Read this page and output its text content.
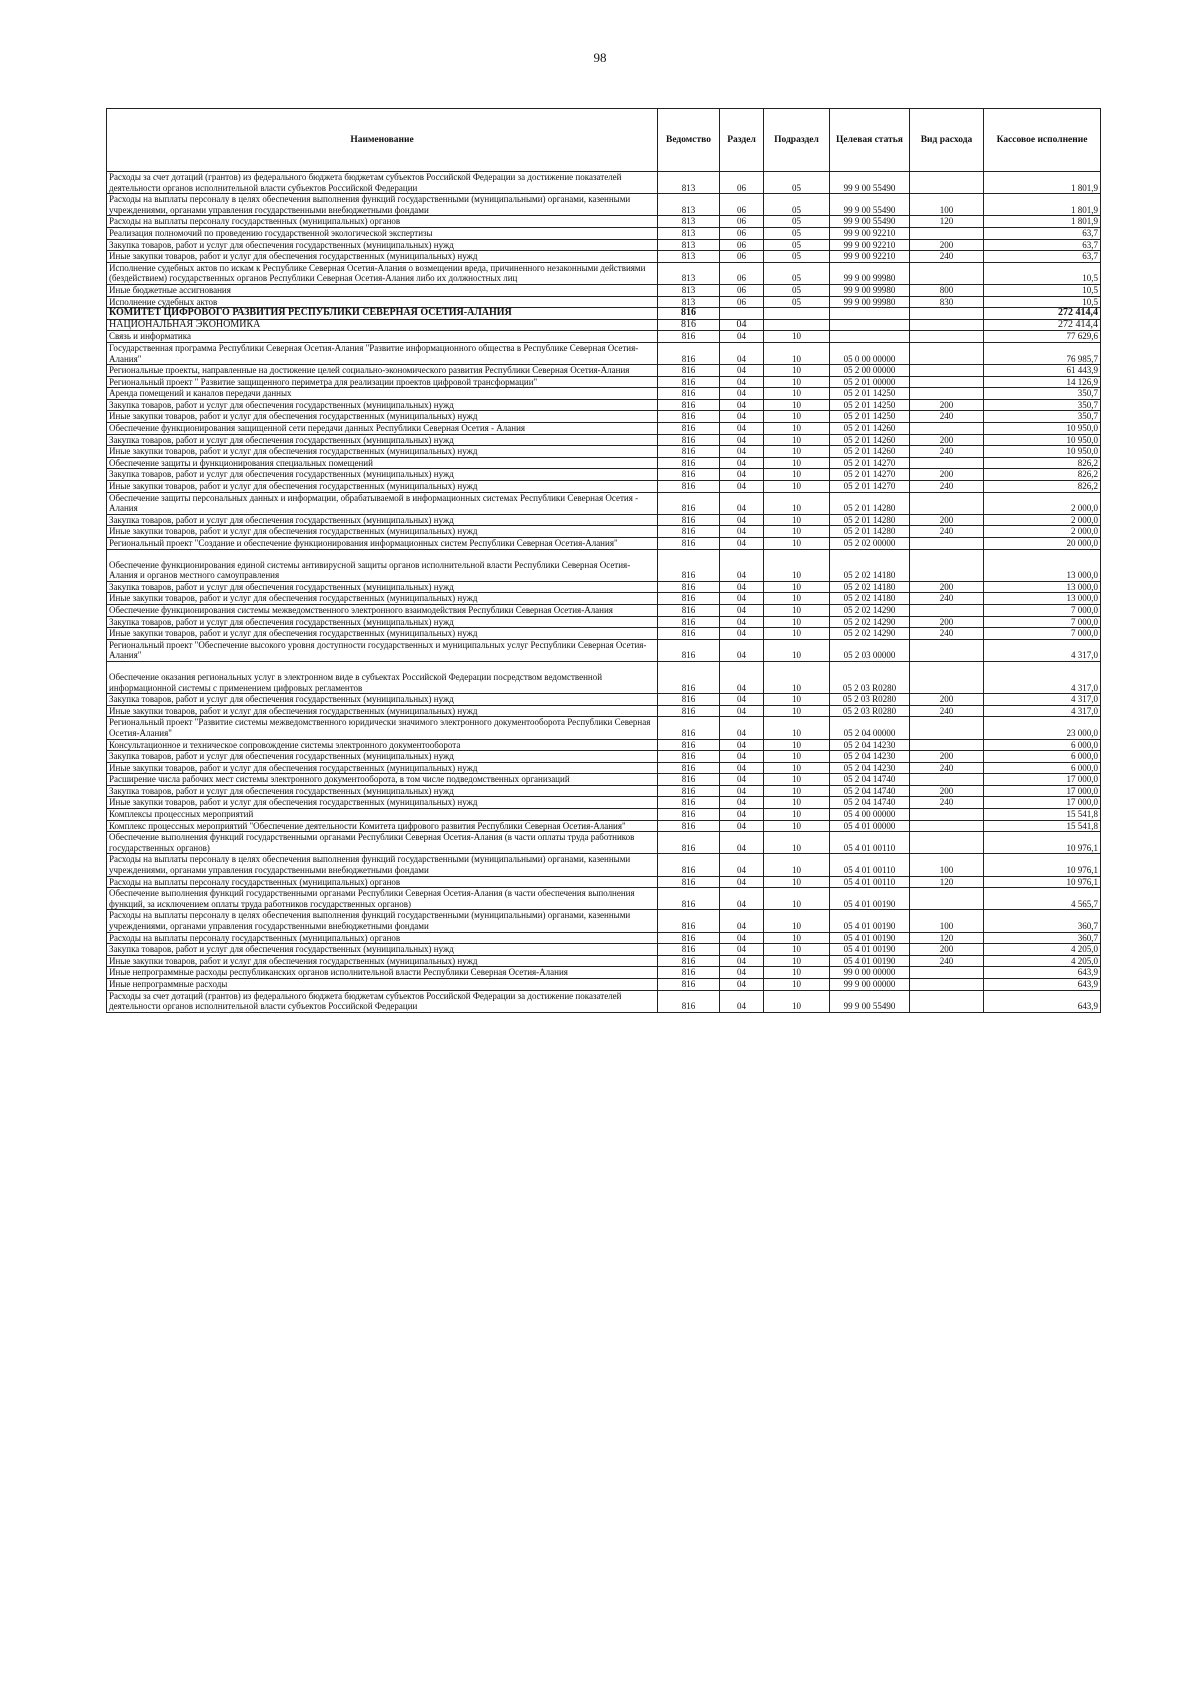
98
Наименование	Ведомство	Раздел	Подраздел	Целевая статья	Вид расхода	Кассовое исполнение
Расходы за счет дотаций (грантов) из федерального бюджета бюджетам субъектов Российской Федерации за достижение показателей деятельности органов исполнительной власти субъектов Российской Федерации	813	06	05	99 9 00 55490		1 801,9
Расходы на выплаты персоналу в целях обеспечения выполнения функций государственными (муниципальными) органами, казенными учреждениями, органами управления государственными внебюджетными фондами	813	06	05	99 9 00 55490	100	1 801,9
Расходы на выплаты персоналу государственных (муниципальных) органов	813	06	05	99 9 00 55490	120	1 801,9
Реализация полномочий по проведению государственной экологической экспертизы	813	06	05	99 9 00 92210		63,7
Закупка товаров, работ и услуг для обеспечения государственных (муниципальных) нужд	813	06	05	99 9 00 92210	200	63,7
Иные закупки товаров, работ и услуг для обеспечения государственных (муниципальных) нужд	813	06	05	99 9 00 92210	240	63,7
Исполнение судебных актов по искам к Республике Северная Осетия-Алания о возмещении вреда, причиненного незаконными действиями (бездействием) государственных органов Республики Северная Осетия-Алания либо их должностных лиц	813	06	05	99 9 00 99980		10,5
Иные бюджетные ассигнования	813	06	05	99 9 00 99980	800	10,5
Исполнение судебных актов	813	06	05	99 9 00 99980	830	10,5
КОМИТЕТ ЦИФРОВОГО РАЗВИТИЯ РЕСПУБЛИКИ СЕВЕРНАЯ ОСЕТИЯ-АЛАНИЯ	816					272 414,4
НАЦИОНАЛЬНАЯ ЭКОНОМИКА	816	04				272 414,4
Связь и информатика	816	04	10			77 629,6
Государственная программа Республики Северная Осетия-Алания "Развитие информационного общества в Республике Северная Осетия-Алания"	816	04	10	05 0 00 00000		76 985,7
Региональные проекты, направленные на достижение целей социально-экономического развития Республики Северная Осетия-Алания	816	04	10	05 2 00 00000		61 443,9
Региональный проект " Развитие защищенного периметра для реализации проектов цифровой трансформации"	816	04	10	05 2 01 00000		14 126,9
Аренда помещений и каналов передачи данных	816	04	10	05 2 01 14250		350,7
Закупка товаров, работ и услуг для обеспечения государственных (муниципальных) нужд	816	04	10	05 2 01 14250	200	350,7
Иные закупки товаров, работ и услуг для обеспечения государственных (муниципальных) нужд	816	04	10	05 2 01 14250	240	350,7
Обеспечение функционирования защищенной сети передачи данных Республики Северная Осетия - Алания	816	04	10	05 2 01 14260		10 950,0
Закупка товаров, работ и услуг для обеспечения государственных (муниципальных) нужд	816	04	10	05 2 01 14260	200	10 950,0
Иные закупки товаров, работ и услуг для обеспечения государственных (муниципальных) нужд	816	04	10	05 2 01 14260	240	10 950,0
Обеспечение защиты и функционирования специальных помещений	816	04	10	05 2 01 14270		826,2
Закупка товаров, работ и услуг для обеспечения государственных (муниципальных) нужд	816	04	10	05 2 01 14270	200	826,2
Иные закупки товаров, работ и услуг для обеспечения государственных (муниципальных) нужд	816	04	10	05 2 01 14270	240	826,2
Обеспечение защиты персональных данных и информации, обрабатываемой в информационных системах Республики Северная Осетия - Алания	816	04	10	05 2 01 14280		2 000,0
Закупка товаров, работ и услуг для обеспечения государственных (муниципальных) нужд	816	04	10	05 2 01 14280	200	2 000,0
Иные закупки товаров, работ и услуг для обеспечения государственных (муниципальных) нужд	816	04	10	05 2 01 14280	240	2 000,0
Региональный проект "Создание и обеспечение функционирования информационных систем Республики Северная Осетия-Алания"	816	04	10	05 2 02 00000		20 000,0
Обеспечение функционирования единой системы антивирусной защиты органов исполнительной власти Республики Северная Осетия-Алания и органов местного самоуправления	816	04	10	05 2 02 14180		13 000,0
Закупка товаров, работ и услуг для обеспечения государственных (муниципальных) нужд	816	04	10	05 2 02 14180	200	13 000,0
Иные закупки товаров, работ и услуг для обеспечения государственных (муниципальных) нужд	816	04	10	05 2 02 14180	240	13 000,0
Обеспечение функционирования системы межведомственного электронного взаимодействия Республики Северная Осетия-Алания	816	04	10	05 2 02 14290		7 000,0
Закупка товаров, работ и услуг для обеспечения государственных (муниципальных) нужд	816	04	10	05 2 02 14290	200	7 000,0
Иные закупки товаров, работ и услуг для обеспечения государственных (муниципальных) нужд	816	04	10	05 2 02 14290	240	7 000,0
Региональный проект "Обеспечение высокого уровня доступности государственных и муниципальных услуг Республики Северная Осетия-Алания"	816	04	10	05 2 03 00000		4 317,0
Обеспечение оказания региональных услуг в электронном виде в субъектах Российской Федерации посредством ведомственной информационной системы с применением цифровых регламентов	816	04	10	05 2 03 R0280		4 317,0
Закупка товаров, работ и услуг для обеспечения государственных (муниципальных) нужд	816	04	10	05 2 03 R0280	200	4 317,0
Иные закупки товаров, работ и услуг для обеспечения государственных (муниципальных) нужд	816	04	10	05 2 03 R0280	240	4 317,0
Региональный проект "Развитие системы межведомственного юридически значимого электронного документооборота Республики Северная Осетия-Алания"	816	04	10	05 2 04 00000		23 000,0
Консультационное и техническое сопровождение системы электронного документооборота	816	04	10	05 2 04 14230		6 000,0
Закупка товаров, работ и услуг для обеспечения государственных (муниципальных) нужд	816	04	10	05 2 04 14230	200	6 000,0
Иные закупки товаров, работ и услуг для обеспечения государственных (муниципальных) нужд	816	04	10	05 2 04 14230	240	6 000,0
Расширение числа рабочих мест системы электронного документооборота, в том числе подведомственных организаций	816	04	10	05 2 04 14740		17 000,0
Закупка товаров, работ и услуг для обеспечения государственных (муниципальных) нужд	816	04	10	05 2 04 14740	200	17 000,0
Иные закупки товаров, работ и услуг для обеспечения государственных (муниципальных) нужд	816	04	10	05 2 04 14740	240	17 000,0
Комплексы процессных мероприятий	816	04	10	05 4 00 00000		15 541,8
Комплекс процессных мероприятий "Обеспечение деятельности Комитета цифрового развития Республики Северная Осетия-Алания"	816	04	10	05 4 01 00000		15 541,8
Обеспечение выполнения функций государственными органами Республики Северная Осетия-Алания (в части оплаты труда работников государственных органов)	816	04	10	05 4 01 00110		10 976,1
Расходы на выплаты персоналу в целях обеспечения выполнения функций государственными (муниципальными) органами, казенными учреждениями, органами управления государственными внебюджетными фондами	816	04	10	05 4 01 00110	100	10 976,1
Расходы на выплаты персоналу государственных (муниципальных) органов	816	04	10	05 4 01 00110	120	10 976,1
Обеспечение выполнения функций государственными органами Республики Северная Осетия-Алания (в части обеспечения выполнения функций, за исключением оплаты труда работников государственных органов)	816	04	10	05 4 01 00190		4 565,7
Расходы на выплаты персоналу в целях обеспечения выполнения функций государственными (муниципальными) органами, казенными учреждениями, органами управления государственными внебюджетными фондами	816	04	10	05 4 01 00190	100	360,7
Расходы на выплаты персоналу государственных (муниципальных) органов	816	04	10	05 4 01 00190	120	360,7
Закупка товаров, работ и услуг для обеспечения государственных (муниципальных) нужд	816	04	10	05 4 01 00190	200	4 205,0
Иные закупки товаров, работ и услуг для обеспечения государственных (муниципальных) нужд	816	04	10	05 4 01 00190	240	4 205,0
Иные непрограммные расходы республиканских органов исполнительной власти Республики Северная Осетия-Алания	816	04	10	99 0 00 00000		643,9
Иные непрограммные расходы	816	04	10	99 9 00 00000		643,9
Расходы за счет дотаций (грантов) из федерального бюджета бюджетам субъектов Российской Федерации за достижение показателей деятельности органов исполнительной власти субъектов Российской Федерации	816	04	10	99 9 00 55490		643,9
